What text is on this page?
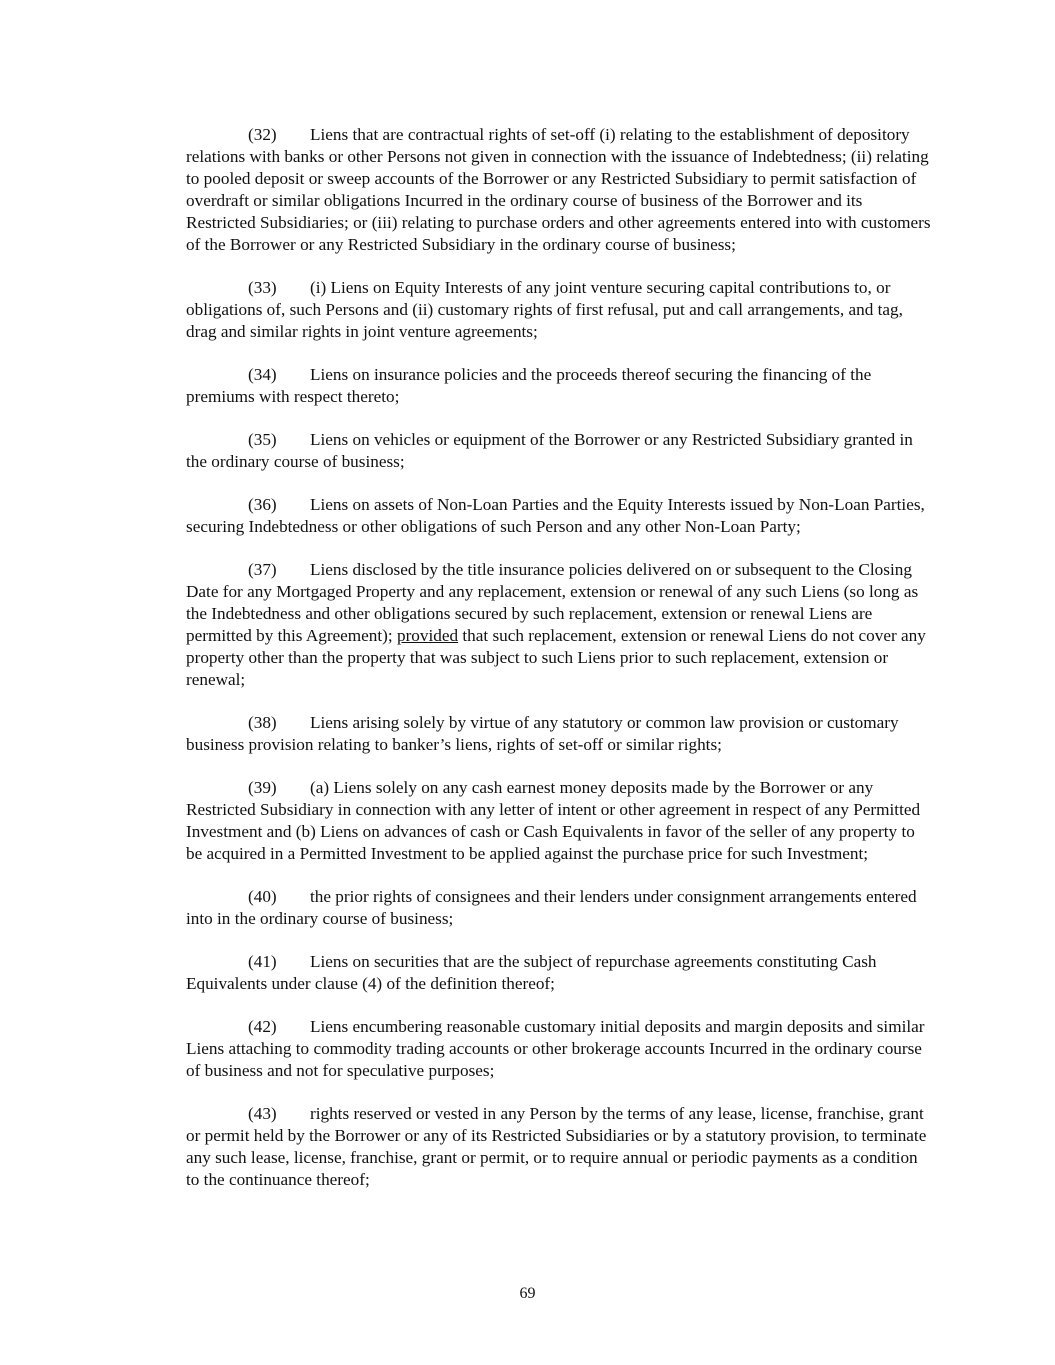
(32) Liens that are contractual rights of set-off (i) relating to the establishment of depository relations with banks or other Persons not given in connection with the issuance of Indebtedness; (ii) relating to pooled deposit or sweep accounts of the Borrower or any Restricted Subsidiary to permit satisfaction of overdraft or similar obligations Incurred in the ordinary course of business of the Borrower and its Restricted Subsidiaries; or (iii) relating to purchase orders and other agreements entered into with customers of the Borrower or any Restricted Subsidiary in the ordinary course of business;

(33) (i) Liens on Equity Interests of any joint venture securing capital contributions to, or obligations of, such Persons and (ii) customary rights of first refusal, put and call arrangements, and tag, drag and similar rights in joint venture agreements;

(34) Liens on insurance policies and the proceeds thereof securing the financing of the premiums with respect thereto;

(35) Liens on vehicles or equipment of the Borrower or any Restricted Subsidiary granted in the ordinary course of business;

(36) Liens on assets of Non-Loan Parties and the Equity Interests issued by Non-Loan Parties, securing Indebtedness or other obligations of such Person and any other Non-Loan Party;

(37) Liens disclosed by the title insurance policies delivered on or subsequent to the Closing Date for any Mortgaged Property and any replacement, extension or renewal of any such Liens (so long as the Indebtedness and other obligations secured by such replacement, extension or renewal Liens are permitted by this Agreement); provided that such replacement, extension or renewal Liens do not cover any property other than the property that was subject to such Liens prior to such replacement, extension or renewal;

(38) Liens arising solely by virtue of any statutory or common law provision or customary business provision relating to banker’s liens, rights of set-off or similar rights;

(39) (a) Liens solely on any cash earnest money deposits made by the Borrower or any Restricted Subsidiary in connection with any letter of intent or other agreement in respect of any Permitted Investment and (b) Liens on advances of cash or Cash Equivalents in favor of the seller of any property to be acquired in a Permitted Investment to be applied against the purchase price for such Investment;

(40) the prior rights of consignees and their lenders under consignment arrangements entered into in the ordinary course of business;

(41) Liens on securities that are the subject of repurchase agreements constituting Cash Equivalents under clause (4) of the definition thereof;

(42) Liens encumbering reasonable customary initial deposits and margin deposits and similar Liens attaching to commodity trading accounts or other brokerage accounts Incurred in the ordinary course of business and not for speculative purposes;

(43) rights reserved or vested in any Person by the terms of any lease, license, franchise, grant or permit held by the Borrower or any of its Restricted Subsidiaries or by a statutory provision, to terminate any such lease, license, franchise, grant or permit, or to require annual or periodic payments as a condition to the continuance thereof;

69
